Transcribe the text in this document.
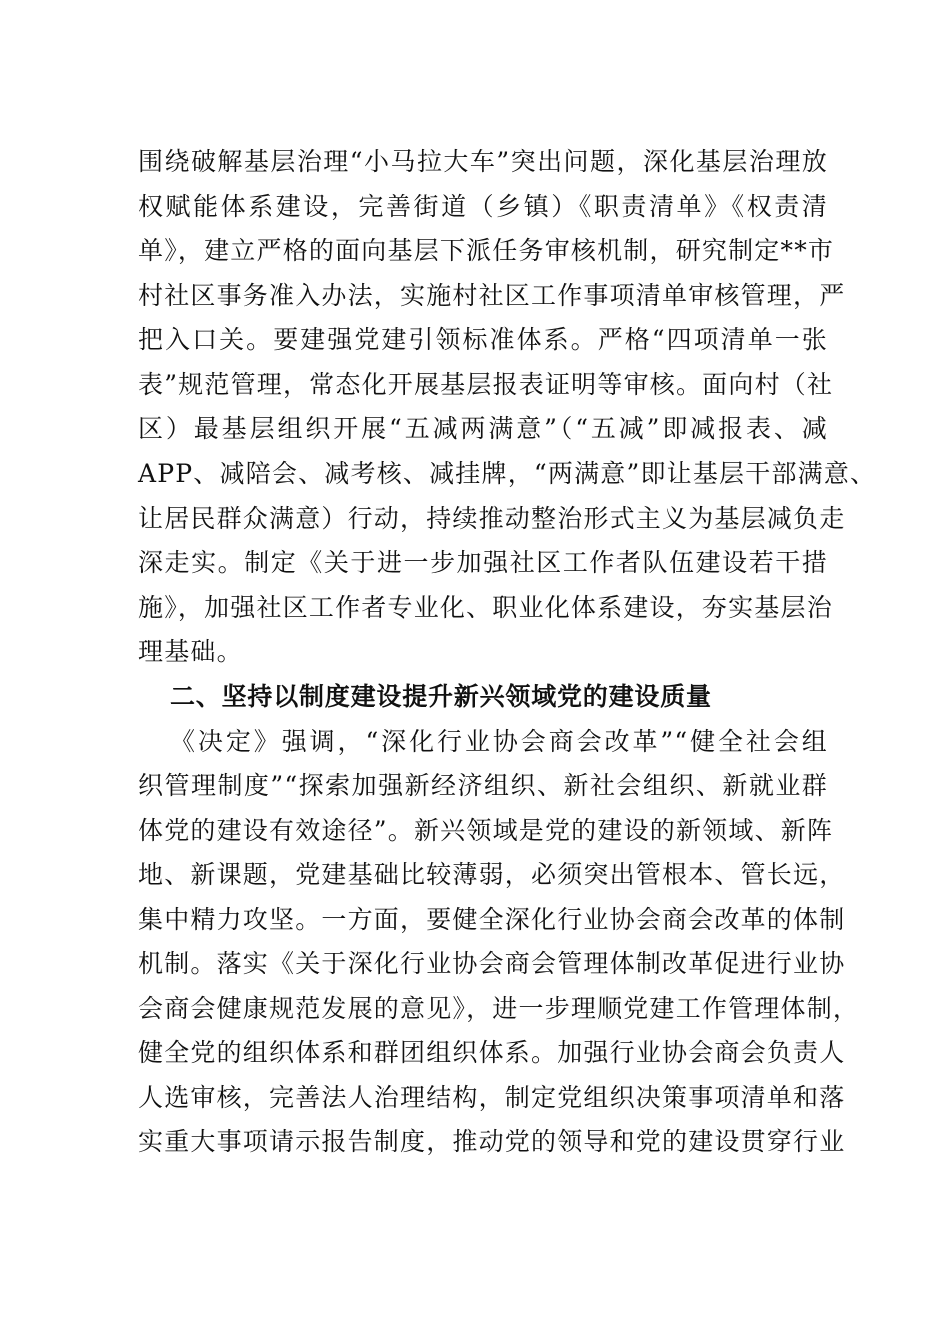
围绕破解基层治理“小马拉大车”突出问题，深化基层治理放

权赋能体系建设，完善街道（乡镇）《职责清单》《权责清

单》，建立严格的面向基层下派任务审核机制，研究制定**市

村社区事务准入办法，实施村社区工作事项清单审核管理，严

把入口关。要建强党建引领标准体系。严格“四项清单一张

表”规范管理，常态化开展基层报表证明等审核。面向村（社

区）最基层组织开展“五减两满意”（“五减”即减报表、减

APP、减陪会、减考核、减挂牌，“两满意”即让基层干部满意、

让居民群众满意）行动，持续推动整治形式主义为基层减负走

深走实。制定《关于进一步加强社区工作者队伍建设若干措

施》，加强社区工作者专业化、职业化体系建设，夯实基层治

理基础。

二、坚持以制度建设提升新兴领域党的建设质量

《决定》强调，“深化行业协会商会改革”“健全社会组

织管理制度”“探索加强新经济组织、新社会组织、新就业群

体党的建设有效途径”。新兴领域是党的建设的新领域、新阵

地、新课题，党建基础比较薄弱，必须突出管根本、管长远，

集中精力攻坚。一方面，要健全深化行业协会商会改革的体制

机制。落实《关于深化行业协会商会管理体制改革促进行业协

会商会健康规范发展的意见》，进一步理顺党建工作管理体制，

健全党的组织体系和群团组织体系。加强行业协会商会负责人

人选审核，完善法人治理结构，制定党组织决策事项清单和落

实重大事项请示报告制度，推动党的领导和党的建设贯穿行业
